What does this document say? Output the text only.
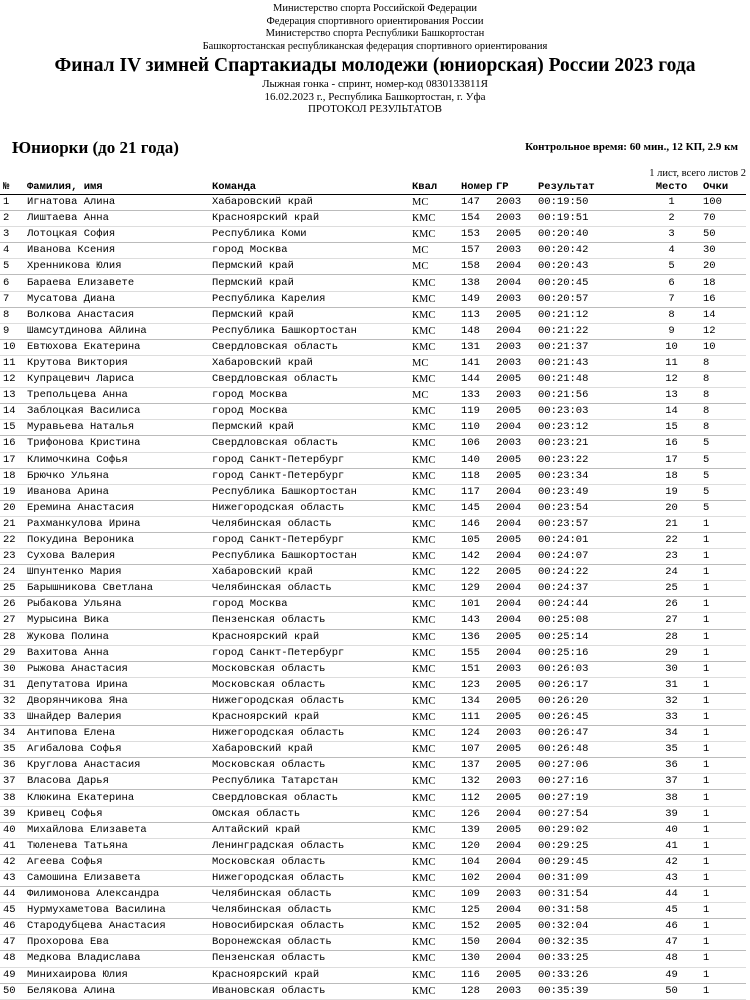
Министерство спорта Российской Федерации
Федерация спортивного ориентирования России
Министерство спорта Республики Башкортостан
Башкортостанская республиканская федерация спортивного ориентирования
Финал IV зимней Спартакиады молодежи (юниорская) России 2023 года
Лыжная гонка - спринт, номер-код 0830133811Я
16.02.2023 г., Республика Башкортостан, г. Уфа
ПРОТОКОЛ РЕЗУЛЬТАТОВ
Юниорки (до 21 года)	Контрольное время: 60 мин., 12 КП, 2.9 км
1 лист, всего листов 2
№	Фамилия, имя	Команда	Квал	Номер	ГР	Результат	Место	Очки
1	Игнатова Алина	Хабаровский край	МС	147	2003	00:19:50	1	100
2	Лиштаева Анна	Красноярский край	КМС	154	2003	00:19:51	2	70
3	Лотоцкая София	Республика Коми	КМС	153	2005	00:20:40	3	50
4	Иванова Ксения	город Москва	МС	157	2003	00:20:42	4	30
5	Хренникова Юлия	Пермский край	МС	158	2004	00:20:43	5	20
6	Бараева Елизавете	Пермский край	КМС	138	2004	00:20:45	6	18
7	Мусатова Диана	Республика Карелия	КМС	149	2003	00:20:57	7	16
8	Волкова Анастасия	Пермский край	КМС	113	2005	00:21:12	8	14
9	Шамсутдинова Айлина	Республика Башкортостан	КМС	148	2004	00:21:22	9	12
10	Евтюхова Екатерина	Свердловская область	КМС	131	2003	00:21:37	10	10
11	Крутова Виктория	Хабаровский край	МС	141	2003	00:21:43	11	8
12	Купрацевич Лариса	Свердловская область	КМС	144	2005	00:21:48	12	8
13	Трепольцева Анна	город Москва	МС	133	2003	00:21:56	13	8
14	Заблоцкая Василиса	город Москва	КМС	119	2005	00:23:03	14	8
15	Муравьева Наталья	Пермский край	КМС	110	2004	00:23:12	15	8
16	Трифонова Кристина	Свердловская область	КМС	106	2003	00:23:21	16	5
17	Климочкина Софья	город Санкт-Петербург	КМС	140	2005	00:23:22	17	5
18	Брючко Ульяна	город Санкт-Петербург	КМС	118	2005	00:23:34	18	5
19	Иванова Арина	Республика Башкортостан	КМС	117	2004	00:23:49	19	5
20	Еремина Анастасия	Нижегородская область	КМС	145	2004	00:23:54	20	5
21	Рахманкулова Ирина	Челябинская область	КМС	146	2004	00:23:57	21	1
22	Покудина Вероника	город Санкт-Петербург	КМС	105	2005	00:24:01	22	1
23	Сухова Валерия	Республика Башкортостан	КМС	142	2004	00:24:07	23	1
24	Шпунтенко Мария	Хабаровский край	КМС	122	2005	00:24:22	24	1
25	Барышникова Светлана	Челябинская область	КМС	129	2004	00:24:37	25	1
26	Рыбакова Ульяна	город Москва	КМС	101	2004	00:24:44	26	1
27	Мурысина Вика	Пензенская область	КМС	143	2004	00:25:08	27	1
28	Жукова Полина	Красноярский край	КМС	136	2005	00:25:14	28	1
29	Вахитова Анна	город Санкт-Петербург	КМС	155	2004	00:25:16	29	1
30	Рыжова Анастасия	Московская область	КМС	151	2003	00:26:03	30	1
31	Депутатова Ирина	Московская область	КМС	123	2005	00:26:17	31	1
32	Дворянчикова Яна	Нижегородская область	КМС	134	2005	00:26:20	32	1
33	Шнайдер Валерия	Красноярский край	КМС	111	2005	00:26:45	33	1
34	Антипова Елена	Нижегородская область	КМС	124	2003	00:26:47	34	1
35	Агибалова Софья	Хабаровский край	КМС	107	2005	00:26:48	35	1
36	Круглова Анастасия	Московская область	КМС	137	2005	00:27:06	36	1
37	Власова Дарья	Республика Татарстан	КМС	132	2003	00:27:16	37	1
38	Клюкина Екатерина	Свердловская область	КМС	112	2005	00:27:19	38	1
39	Кривец Софья	Омская область	КМС	126	2004	00:27:54	39	1
40	Михайлова Елизавета	Алтайский край	КМС	139	2005	00:29:02	40	1
41	Тюленева Татьяна	Ленинградская область	КМС	120	2004	00:29:25	41	1
42	Агеева Софья	Московская область	КМС	104	2004	00:29:45	42	1
43	Самошина Елизавета	Нижегородская область	КМС	102	2004	00:31:09	43	1
44	Филимонова Александра	Челябинская область	КМС	109	2003	00:31:54	44	1
45	Нурмухаметова Василина	Челябинская область	КМС	125	2004	00:31:58	45	1
46	Стародубцева Анастасия	Новосибирская область	КМС	152	2005	00:32:04	46	1
47	Прохорова Ева	Воронежская область	КМС	150	2004	00:32:35	47	1
48	Медкова Владислава	Пензенская область	КМС	130	2004	00:33:25	48	1
49	Минихаирова Юлия	Красноярский край	КМС	116	2005	00:33:26	49	1
50	Белякова Алина	Ивановская область	КМС	128	2003	00:35:39	50	1
